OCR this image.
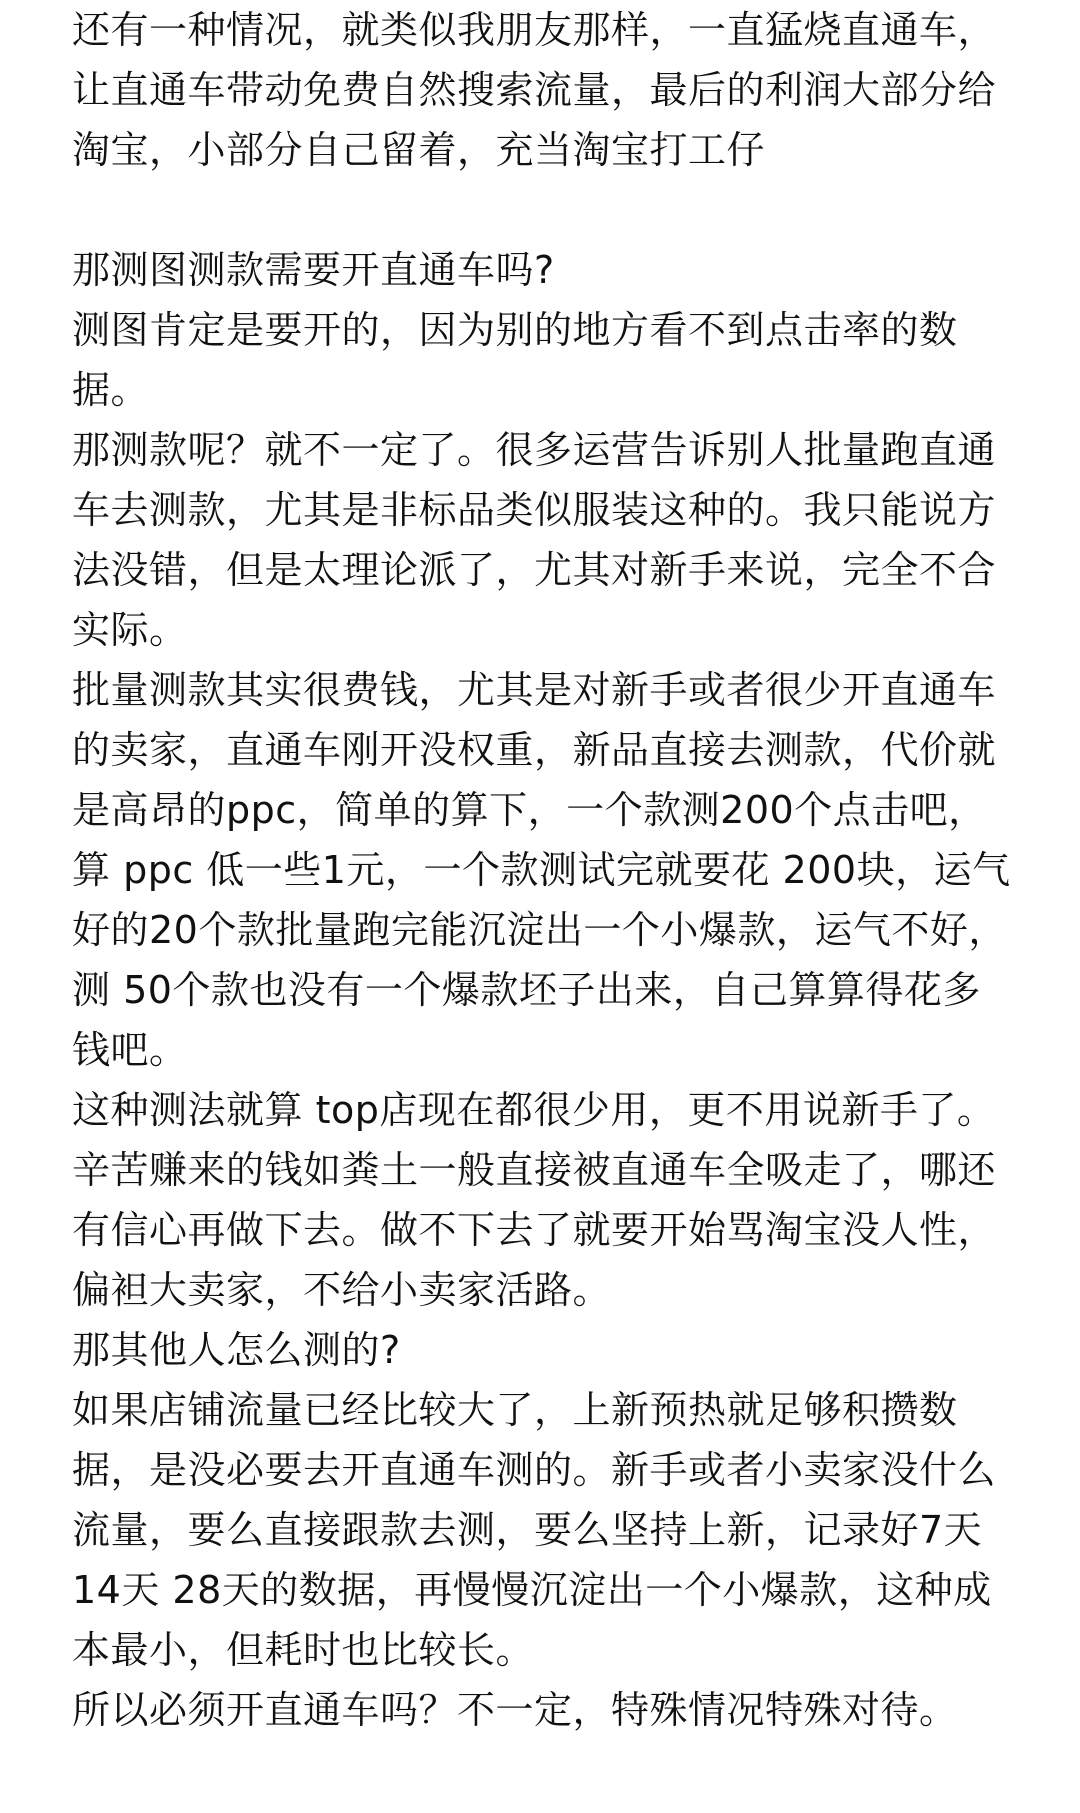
还有一种情况，就类似我朋友那样，一直猛烧直通车，让直通车带动免费自然搜索流量，最后的利润大部分给淘宝，小部分自己留着，充当淘宝打工仔

那测图测款需要开直通车吗?

测图肯定是要开的，因为别的地方看不到点击率的数据。

那测款呢？就不一定了。很多运营告诉别人批量跑直通车去测款，尤其是非标品类似服装这种的。我只能说方法没错，但是太理论派了，尤其对新手来说，完全不合实际。

批量测款其实很费钱，尤其是对新手或者很少开直通车的卖家，直通车刚开没权重，新品直接去测款，代价就是高昂的ppc，简单的算下，一个款测200个点击吧，算 ppc 低一些1元，一个款测试完就要花 200块，运气好的20个款批量跑完能沉淀出一个小爆款，运气不好，测 50个款也没有一个爆款坯子出来，自己算算得花多钱吧。

这种测法就算 top店现在都很少用，更不用说新手了。辛苦赚来的钱如粪土一般直接被直通车全吸走了，哪还有信心再做下去。做不下去了就要开始骂淘宝没人性，偏袒大卖家，不给小卖家活路。

那其他人怎么测的?

如果店铺流量已经比较大了，上新预热就足够积攒数据，是没必要去开直通车测的。新手或者小卖家没什么流量，要么直接跟款去测，要么坚持上新，记录好7天 14天 28天的数据，再慢慢沉淀出一个小爆款，这种成本最小，但耗时也比较长。

所以必须开直通车吗？不一定，特殊情况特殊对待。
